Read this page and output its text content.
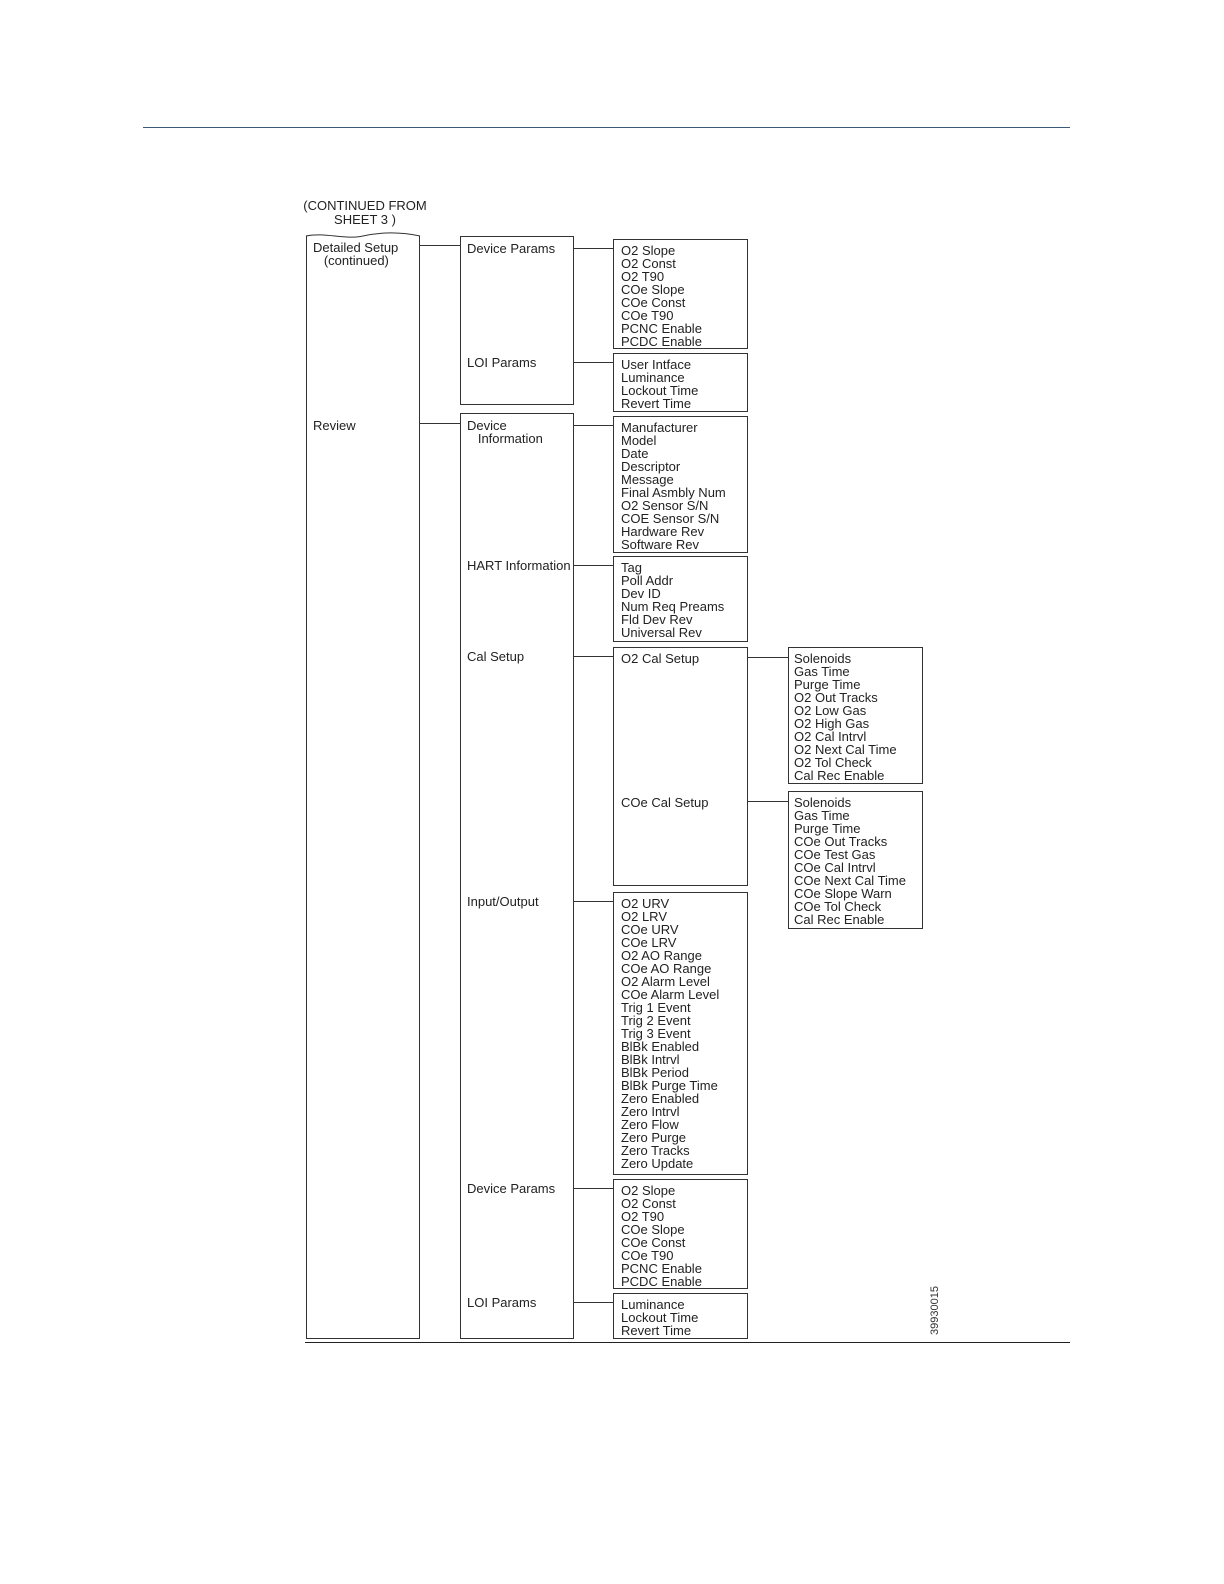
(CONTINUED FROM
SHEET 3 )
Detailed Setup
(continued)
Review
Device Params
LOI Params
Device
Information
HART Information
Cal Setup
Input/Output
Device Params
LOI Params
O2 Slope
O2 Const
O2 T90
COe Slope
COe Const
COe T90
PCNC Enable
PCDC Enable
User Intface
Luminance
Lockout Time
Revert Time
Manufacturer
Model
Date
Descriptor
Message
Final Asmbly Num
O2 Sensor S/N
COE Sensor S/N
Hardware Rev
Software Rev
Tag
Poll Addr
Dev ID
Num Req Preams
Fld Dev Rev
Universal Rev
O2 Cal Setup
COe Cal Setup
O2 URV
O2 LRV
COe URV
COe LRV
O2 AO Range
COe AO Range
O2 Alarm Level
COe Alarm Level
Trig 1 Event
Trig 2 Event
Trig 3 Event
BlBk Enabled
BlBk Intrvl
BlBk Period
BlBk Purge Time
Zero Enabled
Zero Intrvl
Zero Flow
Zero Purge
Zero Tracks
Zero Update
O2 Slope
O2 Const
O2 T90
COe Slope
COe Const
COe T90
PCNC Enable
PCDC Enable
Luminance
Lockout Time
Revert Time
Solenoids
Gas Time
Purge Time
O2 Out Tracks
O2 Low Gas
O2 High Gas
O2 Cal Intrvl
O2 Next Cal Time
O2 Tol Check
Cal Rec Enable
Solenoids
Gas Time
Purge Time
COe Out Tracks
COe Test Gas
COe Cal Intrvl
COe Next Cal Time
COe Slope Warn
COe Tol Check
Cal Rec Enable
39930015
